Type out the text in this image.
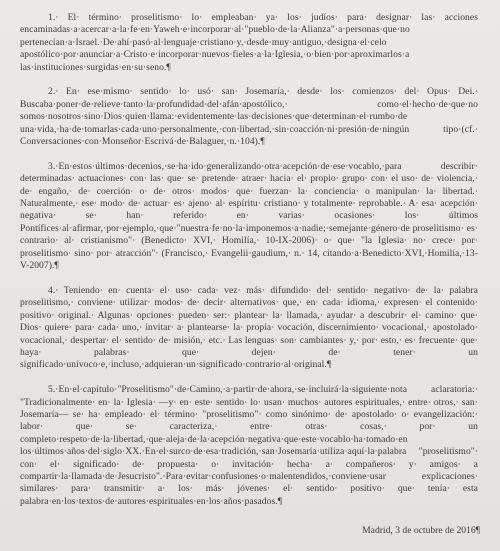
1.· El· término· proselitismo· lo· empleaban· ya· los· judíos· para· designar· las· acciones encaminadas·a·acercar·a·la·fe·en·Yaweh·e·incorporar·al·"pueblo·de·la·Alianza"·a·personas·que·no pertenecían·a·Israel.·De·ahí·pasó·al·lenguaje·cristiano·y,·desde·muy·antiguo,·designa·el·celo apostólico·por·anunciar·a·Cristo·e·incorporar·nuevos·fieles·a·la·Iglesia,·o·bien·por·aproximarlos·a las·instituciones·surgidas·en·su·seno.¶

2.· En· ese·mismo· sentido· lo· usó· san· Josemaría,· desde· los· comienzos· del· Opus· Dei.· Buscaba·poner·de·relieve·tanto·la·profundidad·del·afán·apostólico,· como·el·hecho·de·que·no somos·nosotros·sino·Dios·quien·llama:·evidentemente·las·decisiones·que·determinan·el·rumbo·de una·vida,·ha·de·tomarlas·cada·uno·personalmente,·con·libertad,·sin·coacción·ni·presión·de·ningún tipo·(cf.· Conversaciones·con·Monseñor·Escrivá·de·Balaguer,·n.·104).¶

3.·En·estos·últimos·decenios,·se·ha·ido·generalizando·otra·acepción·de·ese·vocablo,·para describir· determinadas· actuaciones· con· las· que· se· pretende· atraer· hacia· el· propio· grupo· con· el uso· de· violencia,· de· engaño,· de· coerción· o· de· otros· modos· que· fuerzan· la· conciencia· o manipulan· la· libertad.· Naturalmente,· ese· modo· de· actuar· es· ajeno· al· espíritu· cristiano· y totalmente· reprobable.· A· esa· acepción· negativa· se· han· referido· en· varias· ocasiones· los· últimos Pontífices·al·afirmar,·por·ejemplo,·que·"nuestra·fe·no·la·imponemos·a·nadie;·semejante·género·de proselitismo· es· contrario· al· cristianismo"· (Benedicto· XVI,· Homilía,· 10-IX-2006)· o· que· "la Iglesia· no· crece· por· proselitismo· sino· por· atracción"· (Francisco,· Evangelii·gaudium,· n.· 14, citando·a·Benedicto·XVI,·Homilía,·13-V-2007).¶

4.· Teniendo· en· cuenta· el· uso· cada· vez· más· difundido· del· sentido· negativo· de· la· palabra proselitismo,· conviene· utilizar· modos· de· decir· alternativos· que,· en· cada· idioma,· expresen· el contenido· positivo· original.· Algunas· opciones· pueden· ser:· plantear· la· llamada,· ayudar· a descubrir· el· camino· que· Dios· quiere· para· cada· uno,· invitar· a· plantearse· la· propia· vocación, discernimiento· vocacional,· apostolado· vocacional,· despertar· el· sentido· de· misión,· etc.· Las lenguas· son· cambiantes· y,· por· esto,· es· frecuente· que· haya· palabras· que· dejen· de· tener· un significado·unívoco·e,·incluso,·adquieran·un·significado·contrario·al·original.¶

5.·En·el·capítulo·"Proselitismo"·de·Camino,·a·partir·de·ahora,·se·incluirá·la·siguiente·nota aclaratoria:· "Tradicionalmente· en· la· Iglesia· —y· en· este· sentido· lo· usan· muchos· autores espirituales,· entre· otros,· san· Josemaría— se· ha· empleado· el· término· "proselitismo"· como sinónimo· de· apostolado· o· evangelización:· labor· que· se· caracteriza,· entre· otras· cosas,· por· un completo·respeto·de·la·libertad,·que·aleja·de·la·acepción·negativa·que·este·vocablo·ha·tomado·en los·últimos·años·del·siglo·XX.·En·el·surco·de·esa·tradición,·san·Josemaría·utiliza·aquí·la·palabra "proselitismo"· con· el· significado· de· propuesta· o· invitación· hecha· a· compañeros· y· amigos· a compartir·la·llamada·de·Jesucristo".·Para·evitar·confusiones·o·malentendidos,·conviene·usar explicaciones· similares· para· transmitir· a· los· más· jóvenes· el· sentido· positivo· que· tenía· esta palabra·en·los·textos·de·autores·espirituales·en·los·años·pasados.¶

Madrid, 3 de octubre de 2016¶
